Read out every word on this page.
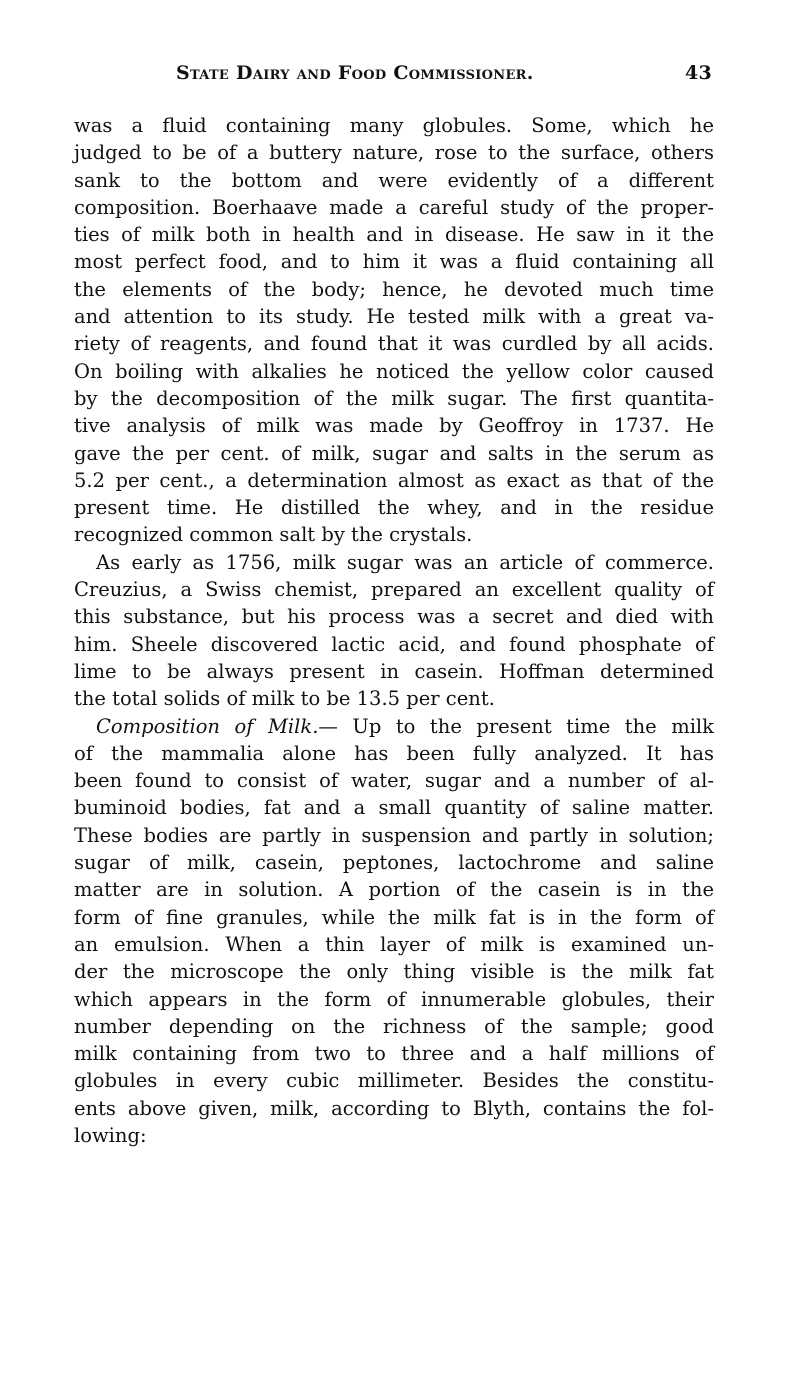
State Dairy and Food Commissioner.	43
was a fluid containing many globules. Some, which he
judged to be of a buttery nature, rose to the surface, others
sank to the bottom and were evidently of a different
composition. Boerhaave made a careful study of the proper-
ties of milk both in health and in disease. He saw in it the
most perfect food, and to him it was a fluid containing all
the elements of the body; hence, he devoted much time
and attention to its study. He tested milk with a great va-
riety of reagents, and found that it was curdled by all acids.
On boiling with alkalies he noticed the yellow color caused
by the decomposition of the milk sugar. The first quantita-
tive analysis of milk was made by Geoffroy in 1737. He
gave the per cent. of milk, sugar and salts in the serum as
5.2 per cent., a determination almost as exact as that of the
present time. He distilled the whey, and in the residue
recognized common salt by the crystals.
As early as 1756, milk sugar was an article of commerce.
Creuzius, a Swiss chemist, prepared an excellent quality of
this substance, but his process was a secret and died with
him. Sheele discovered lactic acid, and found phosphate of
lime to be always present in casein. Hoffman determined
the total solids of milk to be 13.5 per cent.
Composition of Milk.— Up to the present time the milk
of the mammalia alone has been fully analyzed. It has
been found to consist of water, sugar and a number of al-
buminoid bodies, fat and a small quantity of saline matter.
These bodies are partly in suspension and partly in solution;
sugar of milk, casein, peptones, lactochrome and saline
matter are in solution. A portion of the casein is in the
form of fine granules, while the milk fat is in the form of
an emulsion. When a thin layer of milk is examined un-
der the microscope the only thing visible is the milk fat
which appears in the form of innumerable globules, their
number depending on the richness of the sample; good
milk containing from two to three and a half millions of
globules in every cubic millimeter. Besides the constitu-
ents above given, milk, according to Blyth, contains the fol-
lowing:
